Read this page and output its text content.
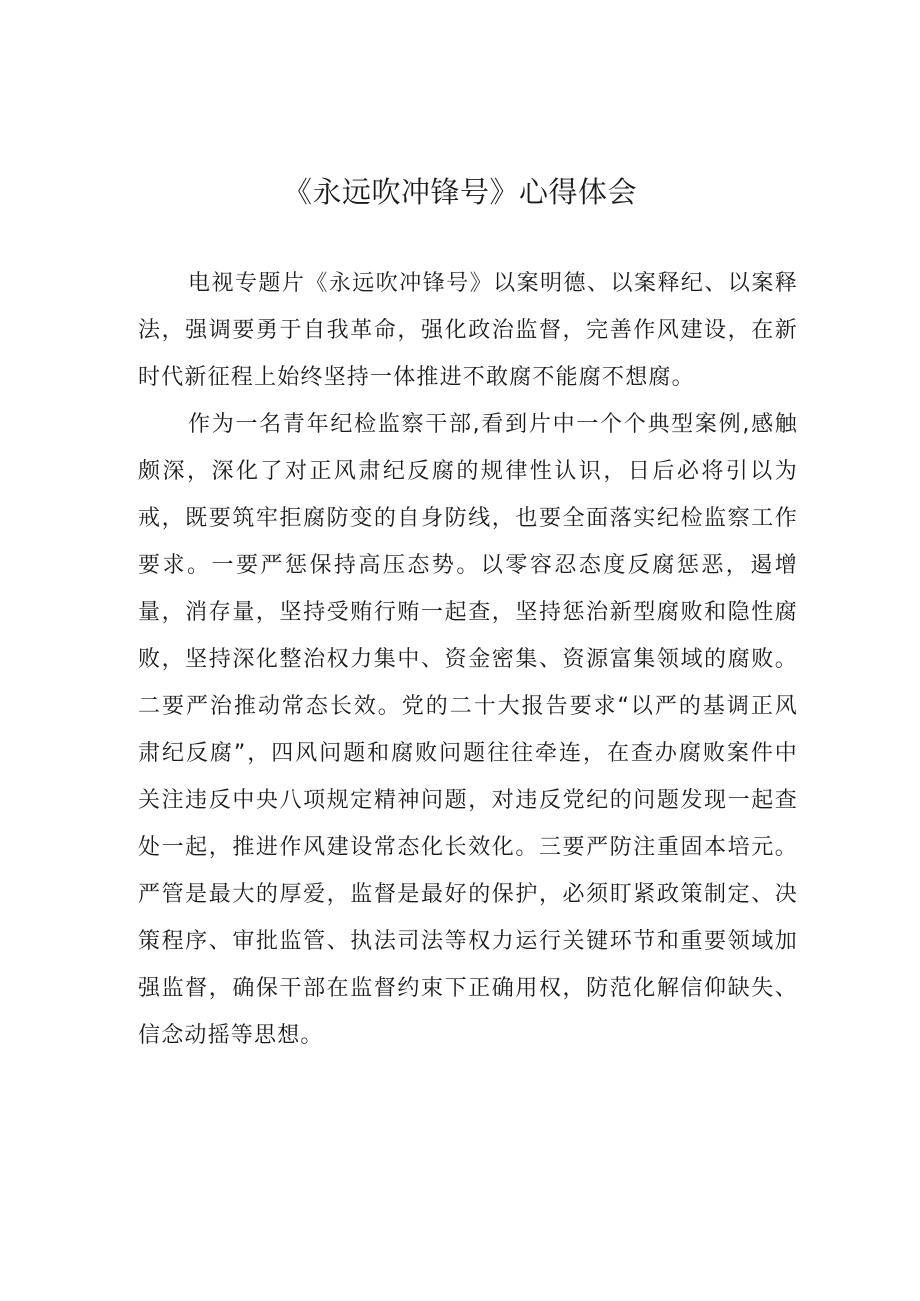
《永远吹冲锋号》心得体会

电视专题片《永远吹冲锋号》以案明德、以案释纪、以案释法，强调要勇于自我革命，强化政治监督，完善作风建设，在新时代新征程上始终坚持一体推进不敢腐不能腐不想腐。

作为一名青年纪检监察干部,看到片中一个个典型案例,感触颇深，深化了对正风肃纪反腐的规律性认识，日后必将引以为戒，既要筑牢拒腐防变的自身防线，也要全面落实纪检监察工作要求。一要严惩保持高压态势。以零容忍态度反腐惩恶，遏增量，消存量，坚持受贿行贿一起查，坚持惩治新型腐败和隐性腐败，坚持深化整治权力集中、资金密集、资源富集领域的腐败。二要严治推动常态长效。党的二十大报告要求“以严的基调正风肃纪反腐”，四风问题和腐败问题往往牵连，在查办腐败案件中关注违反中央八项规定精神问题，对违反党纪的问题发现一起查处一起，推进作风建设常态化长效化。三要严防注重固本培元。严管是最大的厚爱，监督是最好的保护，必须盯紧政策制定、决策程序、审批监管、执法司法等权力运行关键环节和重要领域加强监督，确保干部在监督约束下正确用权，防范化解信仰缺失、信念动摇等思想。
